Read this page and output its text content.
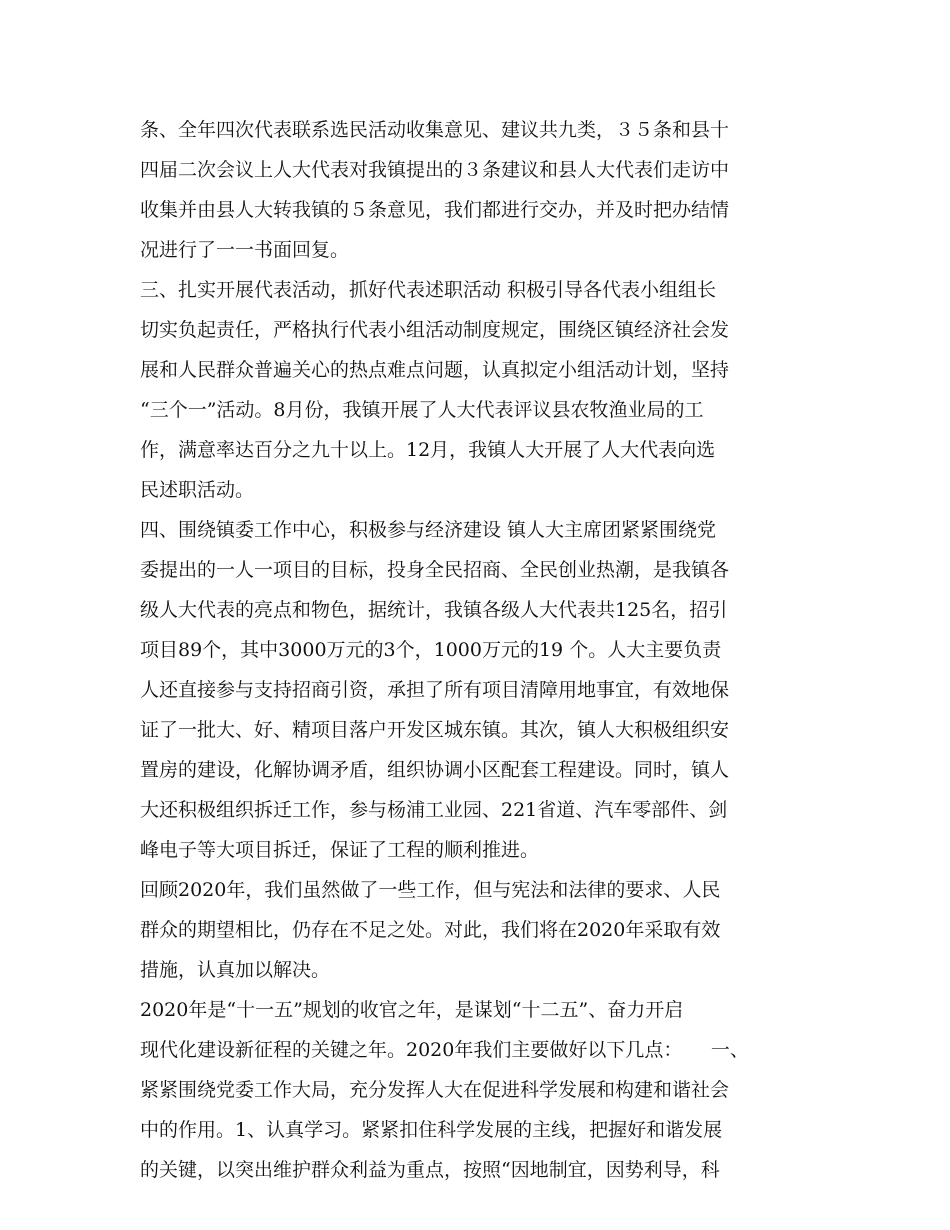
条、全年四次代表联系选民活动收集意见、建议共九类，３５条和县十
四届二次会议上人大代表对我镇提出的３条建议和县人大代表们走访中
收集并由县人大转我镇的５条意见，我们都进行交办，并及时把办结情
况进行了一一书面回复。
三、扎实开展代表活动，抓好代表述职活动 积极引导各代表小组组长
切实负起责任，严格执行代表小组活动制度规定，围绕区镇经济社会发
展和人民群众普遍关心的热点难点问题，认真拟定小组活动计划，坚持
“三个一”活动。8月份，我镇开展了人大代表评议县农牧渔业局的工
作，满意率达百分之九十以上。12月，我镇人大开展了人大代表向选
民述职活动。
四、围绕镇委工作中心，积极参与经济建设 镇人大主席团紧紧围绕党
委提出的一人一项目的目标，投身全民招商、全民创业热潮，是我镇各
级人大代表的亮点和物色，据统计，我镇各级人大代表共125名，招引
项目89个，其中3000万元的3个，1000万元的19 个。人大主要负责
人还直接参与支持招商引资，承担了所有项目清障用地事宜，有效地保
证了一批大、好、精项目落户开发区城东镇。其次，镇人大积极组织安
置房的建设，化解协调矛盾，组织协调小区配套工程建设。同时，镇人
大还积极组织拆迁工作，参与杨浦工业园、221省道、汽车零部件、剑
峰电子等大项目拆迁，保证了工程的顺利推进。
回顾2020年，我们虽然做了一些工作，但与宪法和法律的要求、人民
群众的期望相比，仍存在不足之处。对此，我们将在2020年采取有效
措施，认真加以解决。
2020年是“十一五”规划的收官之年，是谋划“十二五”、奋力开启
现代化建设新征程的关键之年。2020年我们主要做好以下几点：　　一、
紧紧围绕党委工作大局，充分发挥人大在促进科学发展和构建和谐社会
中的作用。1、认真学习。紧紧扣住科学发展的主线，把握好和谐发展
的关键，以突出维护群众利益为重点，按照“因地制宜，因势利导，科
